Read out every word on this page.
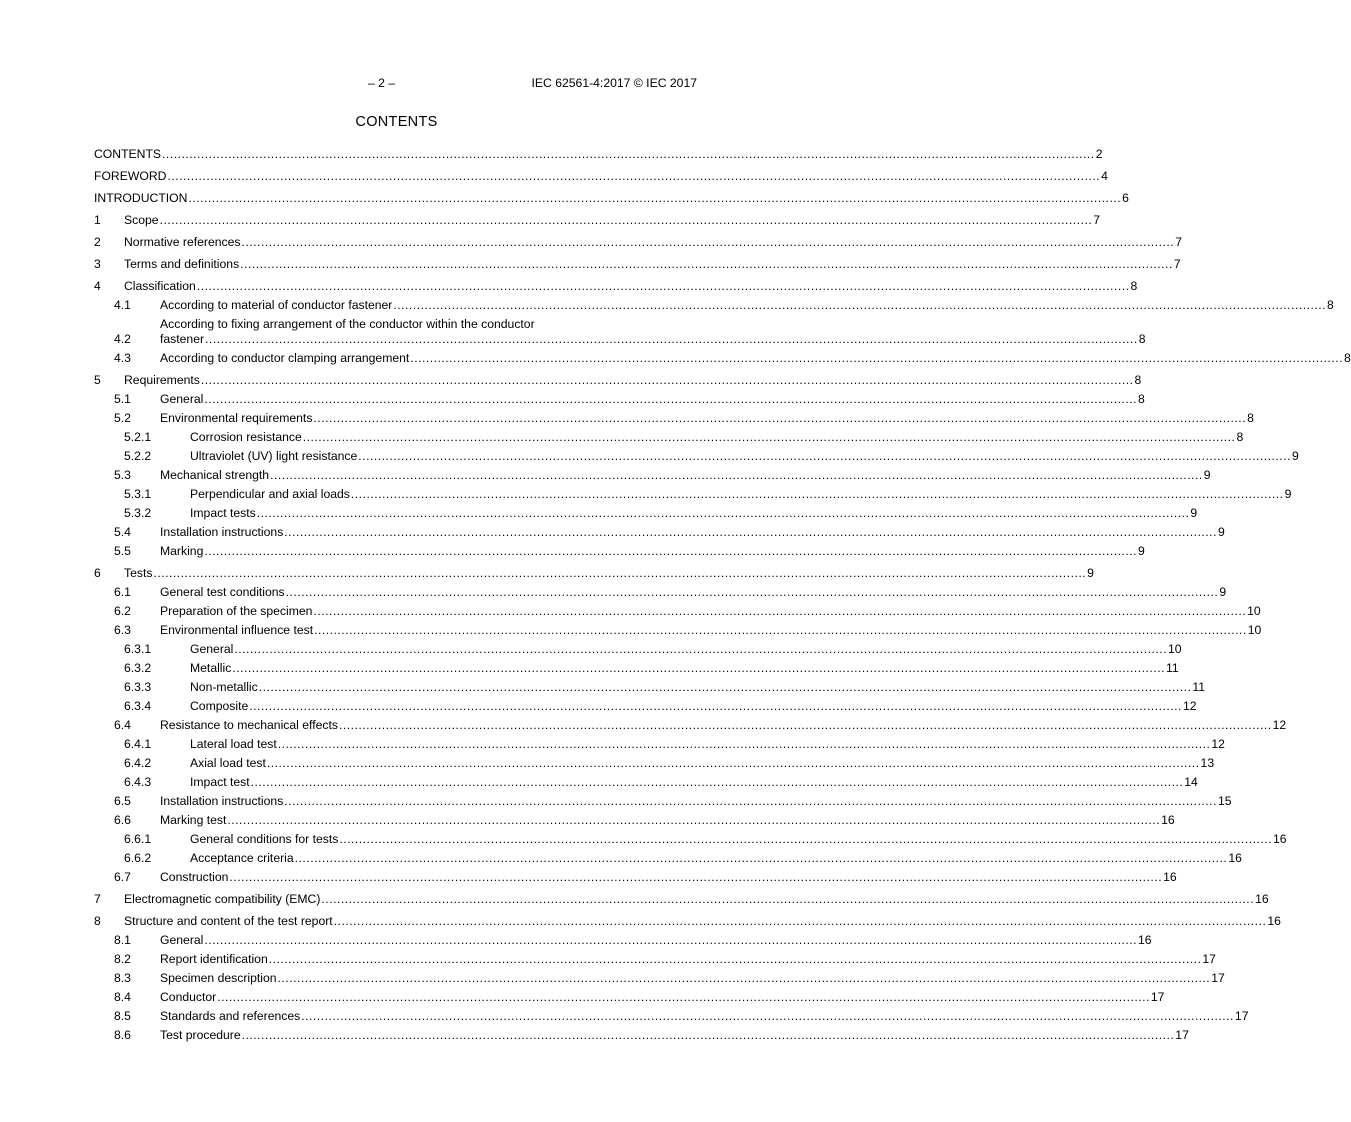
– 2 –	IEC 62561-4:2017 © IEC 2017
CONTENTS
CONTENTS .....	2
FOREWORD .....	4
INTRODUCTION .....	6
1 Scope .....	7
2 Normative references .....	7
3 Terms and definitions .....	7
4 Classification .....	8
4.1 According to material of conductor fastener .....	8
4.2
According to fixing arrangement of the conductor within the conductor
fastener .....	8
4.3 According to conductor clamping arrangement .....	8
5 Requirements .....	8
5.1 General .....	8
5.2 Environmental requirements .....	8
5.2.1	Corrosion resistance .....	8
5.2.2	Ultraviolet (UV) light resistance .....	9
5.3 Mechanical strength .....	9
5.3.1	Perpendicular and axial loads .....	9
5.3.2	Impact tests .....	9
5.4 Installation instructions .....	9
5.5 Marking .....	9
6 Tests .....	9
6.1 General test conditions .....	9
6.2 Preparation of the specimen .....	10
6.3 Environmental influence test .....	10
6.3.1	General .....	10
6.3.2	Metallic .....	11
6.3.3	Non-metallic .....	11
6.3.4	Composite .....	12
6.4 Resistance to mechanical effects .....	12
6.4.1	Lateral load test .....	12
6.4.2	Axial load test .....	13
6.4.3	Impact test .....	14
6.5 Installation instructions .....	15
6.6 Marking test .....	16
6.6.1	General conditions for tests .....	16
6.6.2	Acceptance criteria .....	16
6.7 Construction .....	16
7 Electromagnetic compatibility (EMC) .....	16
8 Structure and content of the test report .....	16
8.1 General .....	16
8.2 Report identification .....	17
8.3 Specimen description .....	17
8.4 Conductor .....	17
8.5 Standards and references .....	17
8.6 Test procedure .....	17
